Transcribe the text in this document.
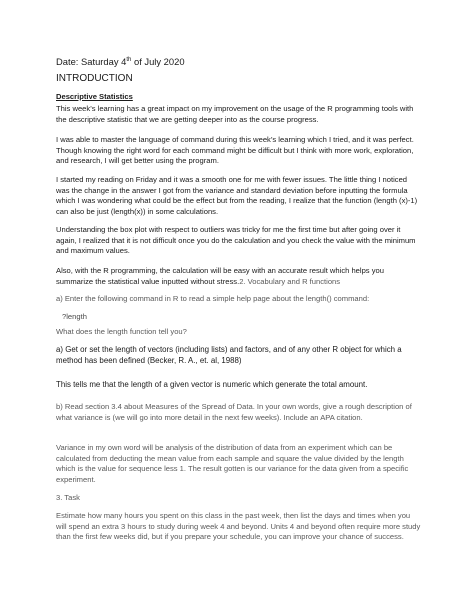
Date: Saturday 4th of July 2020

INTRODUCTION

Descriptive Statistics

This week’s learning has a great impact on my improvement on the usage of the R programming tools with the descriptive statistic that we are getting deeper into as the course progress.

I was able to master the language of command during this week’s learning which I tried, and it was perfect. Though knowing the right word for each command might be difficult but I think with more work, exploration, and research, I will get better using the program.

I started my reading on Friday and it was a smooth one for me with fewer issues. The little thing I noticed was the change in the answer I got from the variance and standard deviation before inputting the formula which I was wondering what could be the effect but from the reading, I realize that the function (length (x)-1) can also be just (length(x)) in some calculations.

Understanding the box plot with respect to outliers was tricky for me the first time but after going over it again, I realized that it is not difficult once you do the calculation and you check the value with the minimum and maximum values.

Also, with the R programming, the calculation will be easy with an accurate result which helps you summarize the statistical value inputted without stress.2. Vocabulary and R functions

a) Enter the following command in R to read a simple help page about the length() command:

?length

What does the length function tell you?

a) Get or set the length of vectors (including lists) and factors, and of any other R object for which a method has been defined (Becker, R. A., et. al, 1988)

This tells me that the length of a given vector is numeric which generate the total amount.

b) Read section 3.4 about Measures of the Spread of Data. In your own words, give a rough description of what variance is (we will go into more detail in the next few weeks). Include an APA citation.

Variance in my own word will be analysis of the distribution of data from an experiment which can be calculated from deducting the mean value from each sample and square the value divided by the length which is the value for sequence less 1. The result gotten is our variance for the data given from a specific experiment.

3. Task

Estimate how many hours you spent on this class in the past week, then list the days and times when you will spend an extra 3 hours to study during week 4 and beyond. Units 4 and beyond often require more study than the first few weeks did, but if you prepare your schedule, you can improve your chance of success.
